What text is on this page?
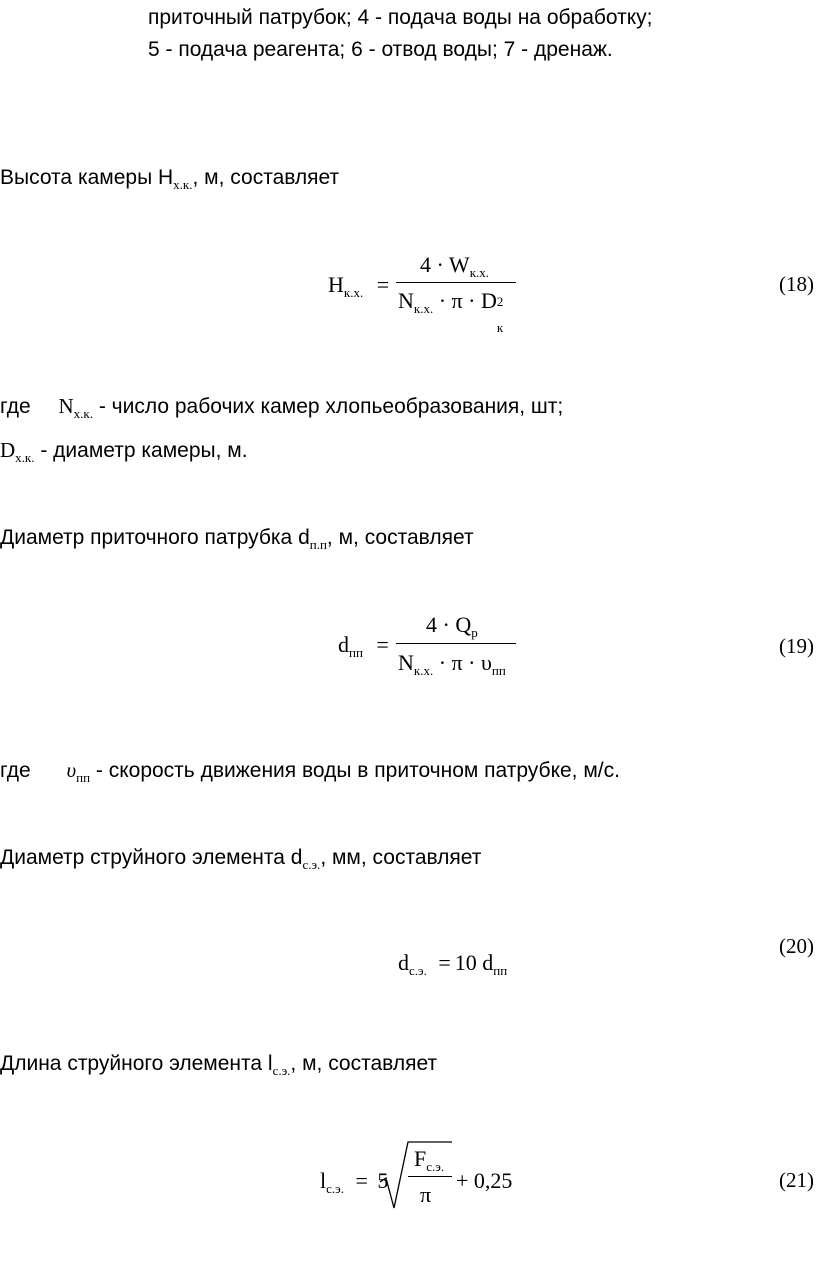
приточный патрубок; 4 - подача воды на обработку;
5 - подача реагента; 6 - отвод воды; 7 - дренаж.
Высота камеры $H_{х.к.}$, м, составляет
$H_{к.х.}$ =
$4 \cdot W_{к.х.}$
$N_{к.х.} \cdot \pi \cdot D$ 2
к
(18)
где $N_{х.к.}$ - число рабочих камер хлопьеобразования, шт;
$D_{х.к.}$ - диаметр камеры, м.
Диаметр приточного патрубка $d_{п.п}$, м, составляет
$d_{пп}$ =
$4 \cdot Q_р$
$N_{к.х.} \cdot \pi \cdot \upsilon_{пп}$
(19)
где $\upsilon_{пп}$ - скорость движения воды в приточном патрубке, м/с.
Диаметр струйного элемента $d_{с.э.}$, мм, составляет
$d_{с.э.} = 10$ $d_{пп}$
(20)
Длина струйного элемента $l_{с.э.}$, м, составляет
$l_{с.э.} = 5$
$F_{с.э.}$
π
+ 0,25	(21)
